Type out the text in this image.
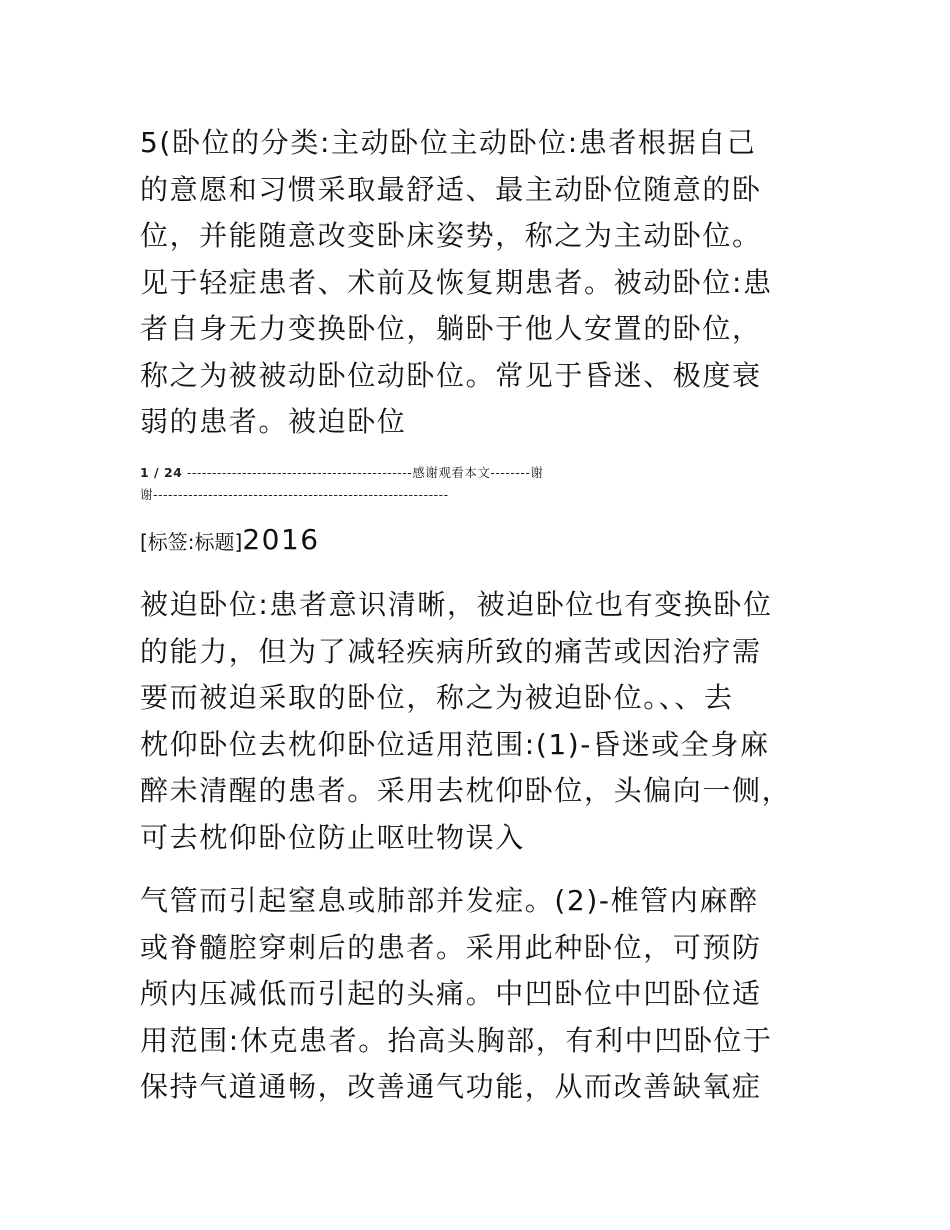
5(卧位的分类:主动卧位主动卧位:患者根据自己
的意愿和习惯采取最舒适、最主动卧位随意的卧
位，并能随意改变卧床姿势，称之为主动卧位。
见于轻症患者、术前及恢复期患者。被动卧位:患
者自身无力变换卧位，躺卧于他人安置的卧位，
称之为被被动卧位动卧位。常见于昏迷、极度衰
弱的患者。被迫卧位
1 / 24 ---------------------------------------------感谢观看本文--------谢
谢-----------------------------------------------------------
[标签:标题]2016
被迫卧位:患者意识清晰，被迫卧位也有变换卧位
的能力，但为了减轻疾病所致的痛苦或因治疗需
要而被迫采取的卧位，称之为被迫卧位。、、去
枕仰卧位去枕仰卧位适用范围:(1)-昏迷或全身麻
醉未清醒的患者。采用去枕仰卧位，头偏向一侧，
可去枕仰卧位防止呕吐物误入
气管而引起窒息或肺部并发症。(2)-椎管内麻醉
或脊髓腔穿刺后的患者。采用此种卧位，可预防
颅内压减低而引起的头痛。中凹卧位中凹卧位适
用范围:休克患者。抬高头胸部，有利中凹卧位于
保持气道通畅，改善通气功能，从而改善缺氧症
